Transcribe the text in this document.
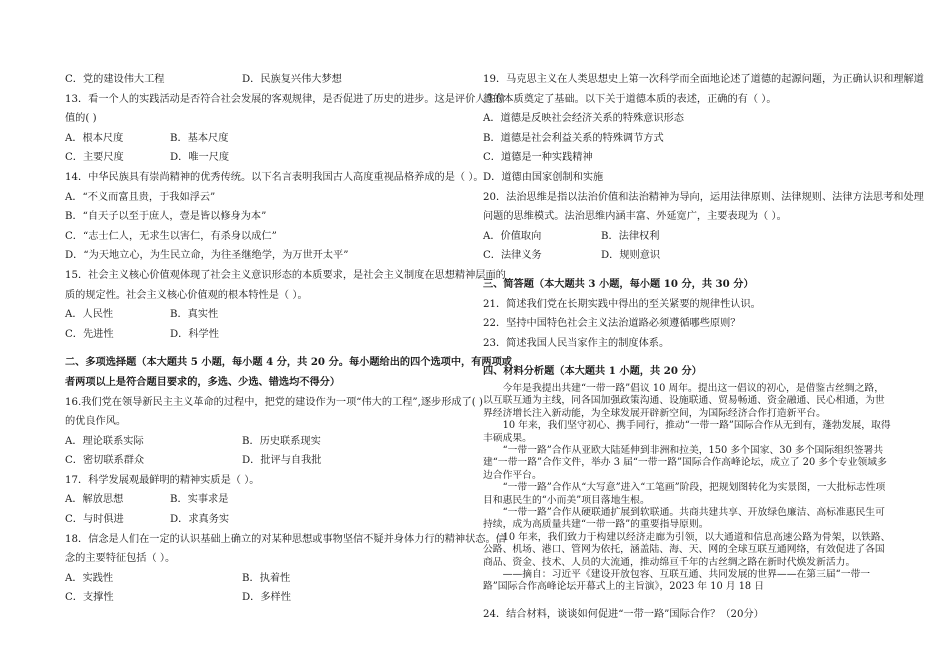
C．党的建设伟大工程	D．民族复兴伟大梦想
13．看一个人的实践活动是否符合社会发展的客观规律，是否促进了历史的进步。这是评价人生价
值的( )
A．根本尺度	B．基本尺度
C．主要尺度	D．唯一尺度
14．中华民族具有崇尚精神的优秀传统。以下名言表明我国古人高度重视品格养成的是（ ）。
A．“不义而富且贵，于我如浮云”
B．“自天子以至于庶人，壹是皆以修身为本”
C．“志士仁人，无求生以害仁，有杀身以成仁”
D．“为天地立心，为生民立命，为往圣继绝学，为万世开太平”
15．社会主义核心价值观体现了社会主义意识形态的本质要求，是社会主义制度在思想精神层面的
质的规定性。社会主义核心价值观的根本特性是（ ）。
A．人民性	B．真实性
C．先进性	D．科学性
二、多项选择题（本大题共 5 小题，每小题 4 分，共 20 分。每小题给出的四个选项中，有两项或
者两项以上是符合题目要求的，多选、少选、错选均不得分）
16.我们党在领导新民主主义革命的过程中，把党的建设作为一项“伟大的工程”,逐步形成了( )
的优良作风。
A．理论联系实际	B．历史联系现实
C．密切联系群众	D．批评与自我批
17．科学发展观最鲜明的精神实质是（ ）。
A．解放思想	B．实事求是
C．与时俱进	D．求真务实
18．信念是人们在一定的认识基础上确立的对某种思想或事物坚信不疑并身体力行的精神状态。信
念的主要特征包括（ ）。
A．实践性	B．执着性
C．支撑性	D．多样性
19．马克思主义在人类思想史上第一次科学而全面地论述了道德的起源问题，为正确认识和理解道
德的本质奠定了基础。以下关于道德本质的表述，正确的有（ ）。
A．道德是反映社会经济关系的特殊意识形态
B．道德是社会利益关系的特殊调节方式
C．道德是一种实践精神
D．道德由国家创制和实施
20．法治思维是指以法治价值和法治精神为导向，运用法律原则、法律规则、法律方法思考和处理
问题的思维模式。法治思维内涵丰富、外延宽广，主要表现为（ ）。
A．价值取向	B．法律权利
C．法律义务	D．规则意识
三、简答题（本大题共 3 小题，每小题 10 分，共 30 分）
21．简述我们党在长期实践中得出的至关紧要的规律性认识。
22．坚持中国特色社会主义法治道路必须遵循哪些原则？
23．简述我国人民当家作主的制度体系。
四、材料分析题（本大题共 1 小题，共 20 分）

今年是我提出共建“一带一路”倡议 10 周年。提出这一倡议的初心，是借鉴古丝绸之路，以互联互通为主线，同各国加强政策沟通、设施联通、贸易畅通、资金融通、民心相通，为世界经济增长注入新动能，为全球发展开辟新空间，为国际经济合作打造新平台。

10 年来，我们坚守初心、携手同行，推动“一带一路”国际合作从无到有，蓬勃发展，取得丰硕成果。

“一带一路”合作从亚欧大陆延伸到非洲和拉美，150 多个国家、30 多个国际组织签署共建“一带一路”合作文件，举办 3 届“一带一路”国际合作高峰论坛，成立了 20 多个专业领域多边合作平台。

“一带一路”合作从“大写意”进入“工笔画”阶段，把规划图转化为实景图，一大批标志性项目和惠民生的“小而美”项目落地生根。

“一带一路”合作从硬联通扩展到软联通。共商共建共享、开放绿色廉洁、高标准惠民生可持续，成为高质量共建“一带一路”的重要指导原则。

10 年来，我们致力于构建以经济走廊为引领，以大通道和信息高速公路为骨架，以铁路、公路、机场、港口、管网为依托，涵盖陆、海、天、网的全球互联互通网络，有效促进了各国商品、资金、技术、人员的大流通，推动绵亘千年的古丝绸之路在新时代焕发新活力。

——摘自：习近平《建设开放包容、互联互通、共同发展的世界——在第三届“一带一路”国际合作高峰论坛开幕式上的主旨演》，2023 年 10 月 18 日

24．结合材料，谈谈如何促进“一带一路”国际合作？（20分）
